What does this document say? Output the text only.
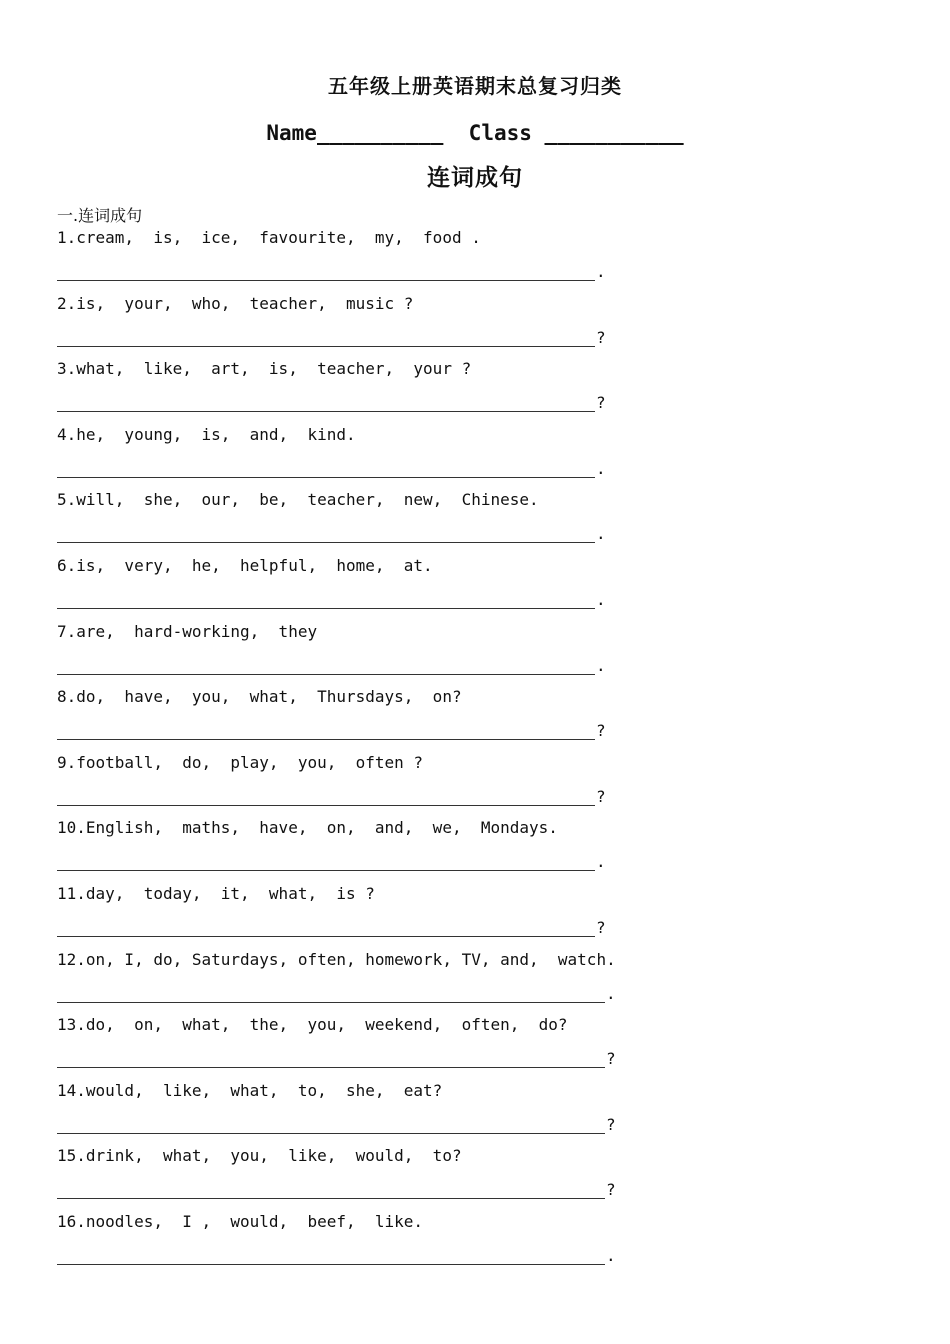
五年级上册英语期末总复习归类
Name__________ Class ___________
连词成句
一.连词成句
1.cream,  is,  ice,  favourite,  my,  food .
.
2.is,  your,  who,  teacher,  music ?
?
3.what,  like,  art,  is,  teacher,  your ?
?
4.he,  young,  is,  and,  kind.
.
5.will,  she,  our,  be,  teacher,  new,  Chinese.
.
6.is,  very,  he,  helpful,  home,  at.
.
7.are,  hard-working,  they
.
8.do,  have,  you,  what,  Thursdays,  on?
?
9.football,  do,  play,  you,  often ?
?
10.English,  maths,  have,  on,  and,  we,  Mondays.
.
11.day,  today,  it,  what,  is ?
?
12.on, I, do, Saturdays, often, homework, TV, and,  watch.
.
13.do,  on,  what,  the,  you,  weekend,  often,  do?
?
14.would,  like,  what,  to,  she,  eat?
?
15.drink,  what,  you,  like,  would,  to?
?
16.noodles,  I ,  would,  beef,  like.
.
